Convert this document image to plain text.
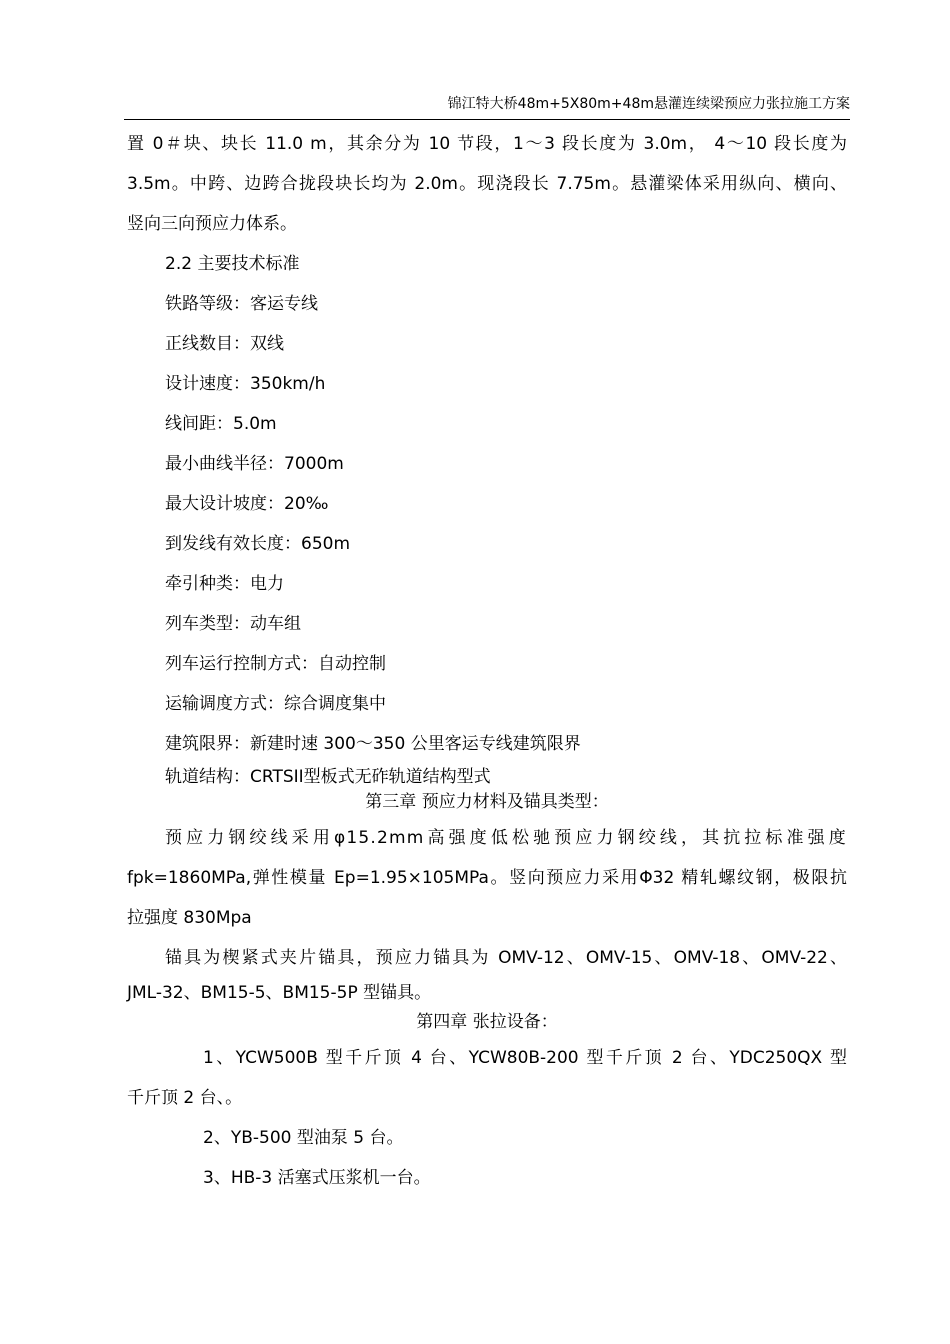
锦江特大桥48m+5X80m+48m悬灌连续梁预应力张拉施工方案

置 0＃块、块长 11.0 m，其余分为 10 节段，1～3 段长度为 3.0m， 4～10 段长度为

3.5m。中跨、边跨合拢段块长均为 2.0m。现浇段长 7.75m。悬灌梁体采用纵向、横向、

竖向三向预应力体系。

2.2 主要技术标准

铁路等级：客运专线

正线数目：双线

设计速度：350km/h

线间距：5.0m

最小曲线半径：7000m

最大设计坡度：20‰

到发线有效长度：650m

牵引种类：电力

列车类型：动车组

列车运行控制方式：自动控制

运输调度方式：综合调度集中

建筑限界：新建时速 300～350 公里客运专线建筑限界

轨道结构：CRTSII型板式无砟轨道结构型式

第三章 预应力材料及锚具类型：

预应力钢绞线采用φ15.2mm高强度低松驰预应力钢绞线，其抗拉标准强度

fpk=1860MPa,弹性模量 Ep=1.95×105MPa。竖向预应力采用Φ32 精轧螺纹钢，极限抗

拉强度 830Mpa

锚具为楔紧式夹片锚具，预应力锚具为 OMV-12、OMV-15、OMV-18、OMV-22、

JML-32、BM15-5、BM15-5P 型锚具。

第四章 张拉设备：

1、YCW500B 型千斤顶 4 台、YCW80B-200 型千斤顶 2 台、YDC250QX 型

千斤顶 2 台、。

2、YB-500 型油泵 5 台。

3、HB-3 活塞式压浆机一台。
